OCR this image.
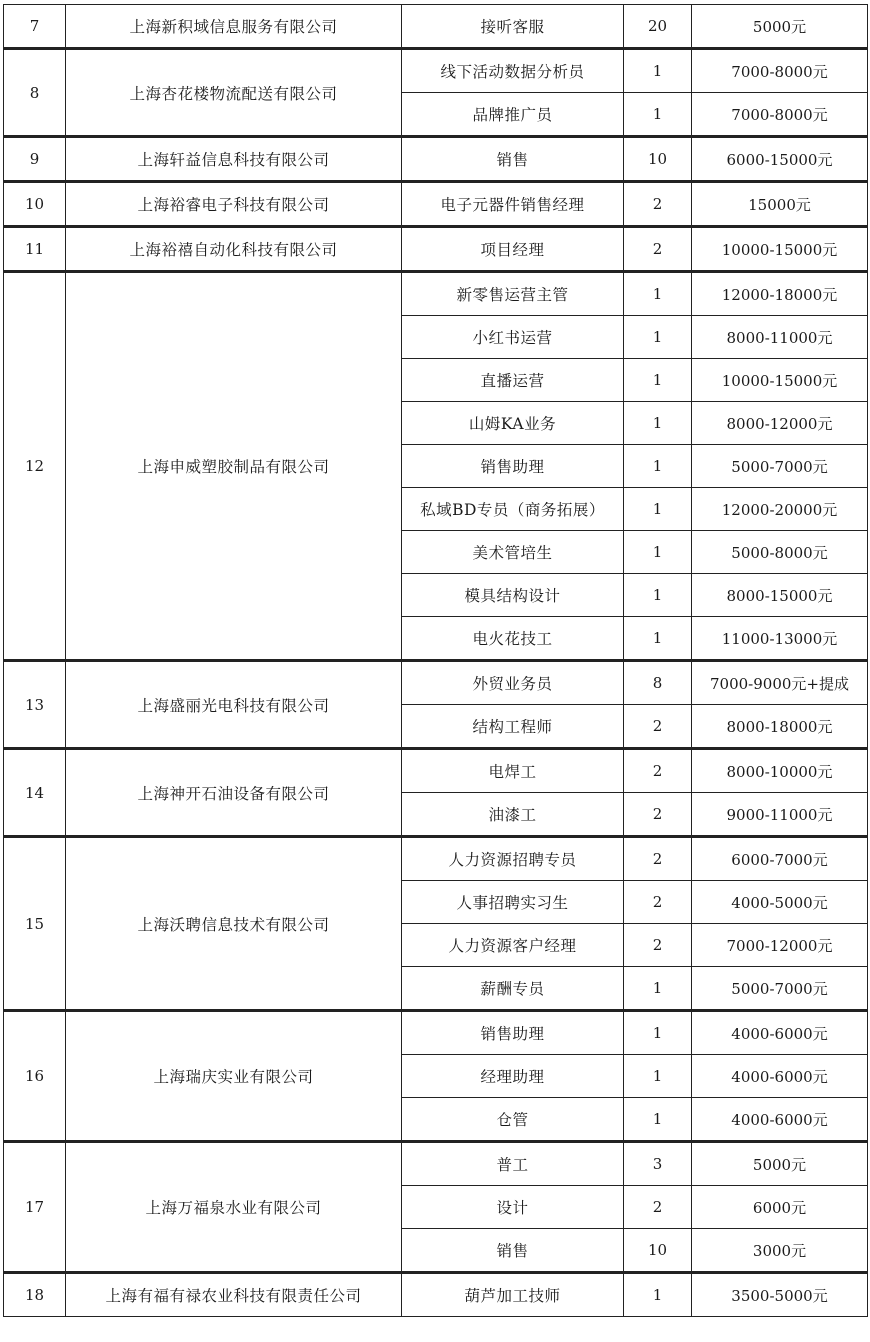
7	上海新积域信息服务有限公司	接听客服	20	5000元
8	上海杏花楼物流配送有限公司	线下活动数据分析员	1	7000-8000元
		品牌推广员	1	7000-8000元
9	上海轩益信息科技有限公司	销售	10	6000-15000元
10	上海裕睿电子科技有限公司	电子元器件销售经理	2	15000元
11	上海裕禧自动化科技有限公司	项目经理	2	10000-15000元
12	上海申威塑胶制品有限公司	新零售运营主管	1	12000-18000元
		小红书运营	1	8000-11000元
		直播运营	1	10000-15000元
		山姆KA业务	1	8000-12000元
		销售助理	1	5000-7000元
		私域BD专员（商务拓展）	1	12000-20000元
		美术管培生	1	5000-8000元
		模具结构设计	1	8000-15000元
		电火花技工	1	11000-13000元
13	上海盛丽光电科技有限公司	外贸业务员	8	7000-9000元+提成
		结构工程师	2	8000-18000元
14	上海神开石油设备有限公司	电焊工	2	8000-10000元
		油漆工	2	9000-11000元
15	上海沃聘信息技术有限公司	人力资源招聘专员	2	6000-7000元
		人事招聘实习生	2	4000-5000元
		人力资源客户经理	2	7000-12000元
		薪酬专员	1	5000-7000元
16	上海瑞庆实业有限公司	销售助理	1	4000-6000元
		经理助理	1	4000-6000元
		仓管	1	4000-6000元
17	上海万福泉水业有限公司	普工	3	5000元
		设计	2	6000元
		销售	10	3000元
18	上海有福有禄农业科技有限责任公司	葫芦加工技师	1	3500-5000元
